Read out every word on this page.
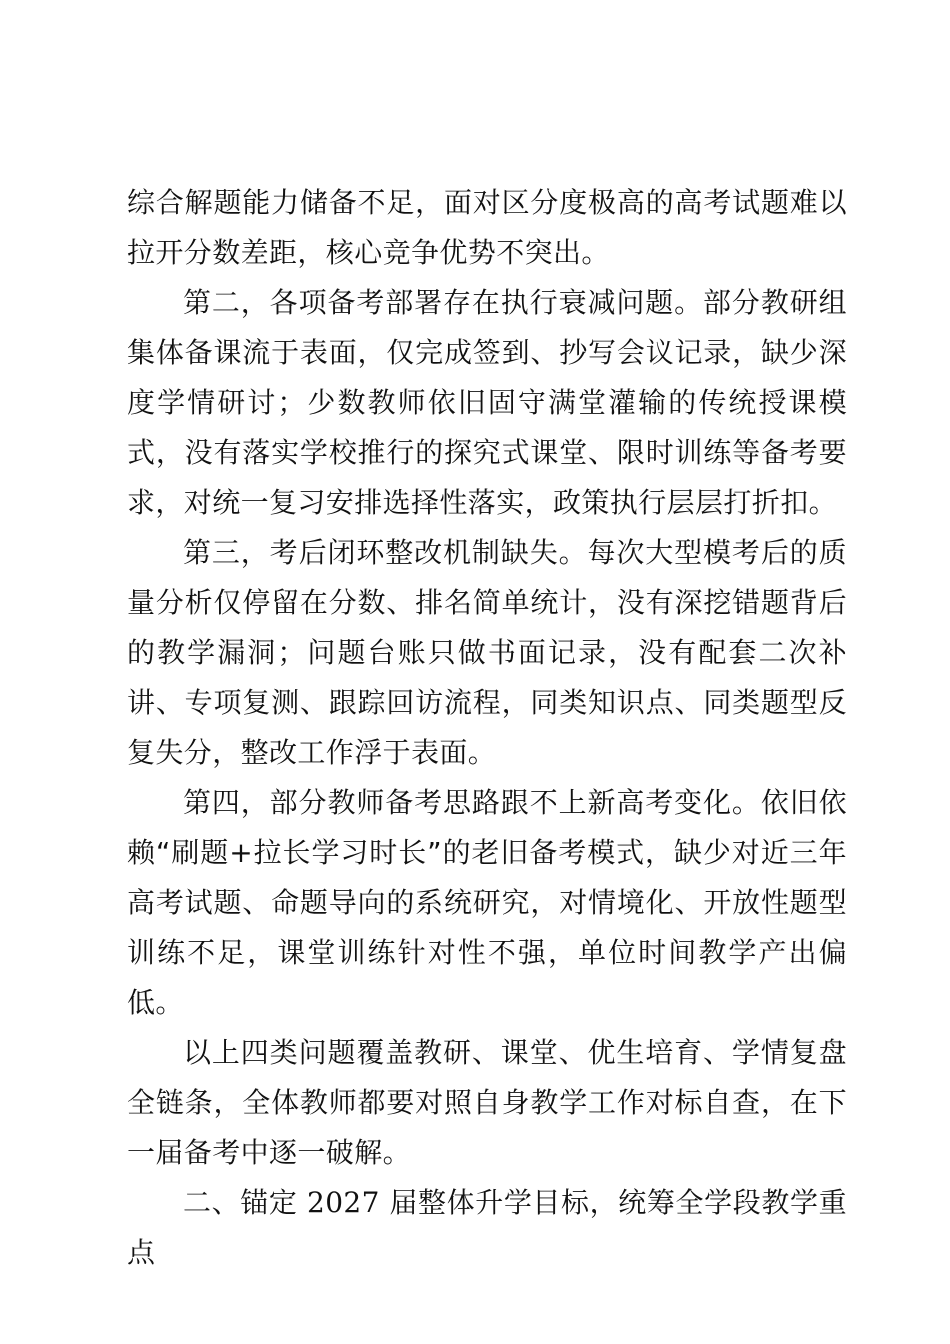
综合解题能力储备不足，面对区分度极高的高考试题难以拉开分数差距，核心竞争优势不突出。

第二，各项备考部署存在执行衰减问题。部分教研组集体备课流于表面，仅完成签到、抄写会议记录，缺少深度学情研讨；少数教师依旧固守满堂灌输的传统授课模式，没有落实学校推行的探究式课堂、限时训练等备考要求，对统一复习安排选择性落实，政策执行层层打折扣。

第三，考后闭环整改机制缺失。每次大型模考后的质量分析仅停留在分数、排名简单统计，没有深挖错题背后的教学漏洞；问题台账只做书面记录，没有配套二次补讲、专项复测、跟踪回访流程，同类知识点、同类题型反复失分，整改工作浮于表面。

第四，部分教师备考思路跟不上新高考变化。依旧依赖“刷题+拉长学习时长”的老旧备考模式，缺少对近三年高考试题、命题导向的系统研究，对情境化、开放性题型训练不足，课堂训练针对性不强，单位时间教学产出偏低。

以上四类问题覆盖教研、课堂、优生培育、学情复盘全链条，全体教师都要对照自身教学工作对标自查，在下一届备考中逐一破解。

二、锚定 2027 届整体升学目标，统筹全学段教学重点
